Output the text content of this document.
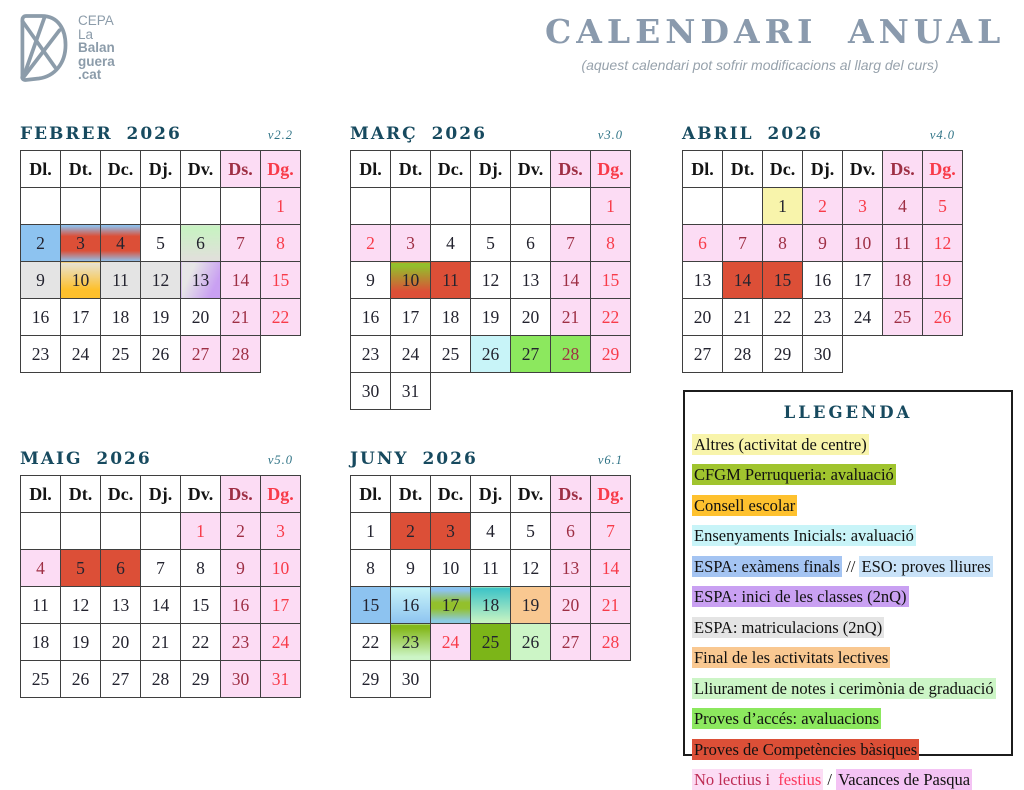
CEPA
La
Balan
guera
.cat
CALENDARI ANUAL
(aquest calendari pot sofrir modificacions al llarg del curs)
FEBRER 2026	v2.2
Dl.	Dt.	Dc.	Dj.	Dv.	Ds.	Dg.
						1
2	3	4	5	6	7	8
9	10	11	12	13	14	15
16	17	18	19	20	21	22
23	24	25	26	27	28	
MARÇ 2026	v3.0
Dl.	Dt.	Dc.	Dj.	Dv.	Ds.	Dg.
						1
2	3	4	5	6	7	8
9	10	11	12	13	14	15
16	17	18	19	20	21	22
23	24	25	26	27	28	29
30	31					
ABRIL 2026	v4.0
Dl.	Dt.	Dc.	Dj.	Dv.	Ds.	Dg.
		1	2	3	4	5
6	7	8	9	10	11	12
13	14	15	16	17	18	19
20	21	22	23	24	25	26
27	28	29	30			
MAIG 2026	v5.0
Dl.	Dt.	Dc.	Dj.	Dv.	Ds.	Dg.
				1	2	3
4	5	6	7	8	9	10
11	12	13	14	15	16	17
18	19	20	21	22	23	24
25	26	27	28	29	30	31
JUNY 2026	v6.1
Dl.	Dt.	Dc.	Dj.	Dv.	Ds.	Dg.
1	2	3	4	5	6	7
8	9	10	11	12	13	14
15	16	17	18	19	20	21
22	23	24	25	26	27	28
29	30					
LLEGENDA
Altres (activitat de centre)
CFGM Perruqueria: avaluació
Consell escolar
Ensenyaments Inicials: avaluació
ESPA: exàmens finals // ESO: proves lliures
ESPA: inici de les classes (2nQ)
ESPA: matriculacions (2nQ)
Final de les activitats lectives
Lliurament de notes i cerimònia de graduació
Proves d’accés: avaluacions
Proves de Competències bàsiques
No lectius i festius / Vacances de Pasqua
